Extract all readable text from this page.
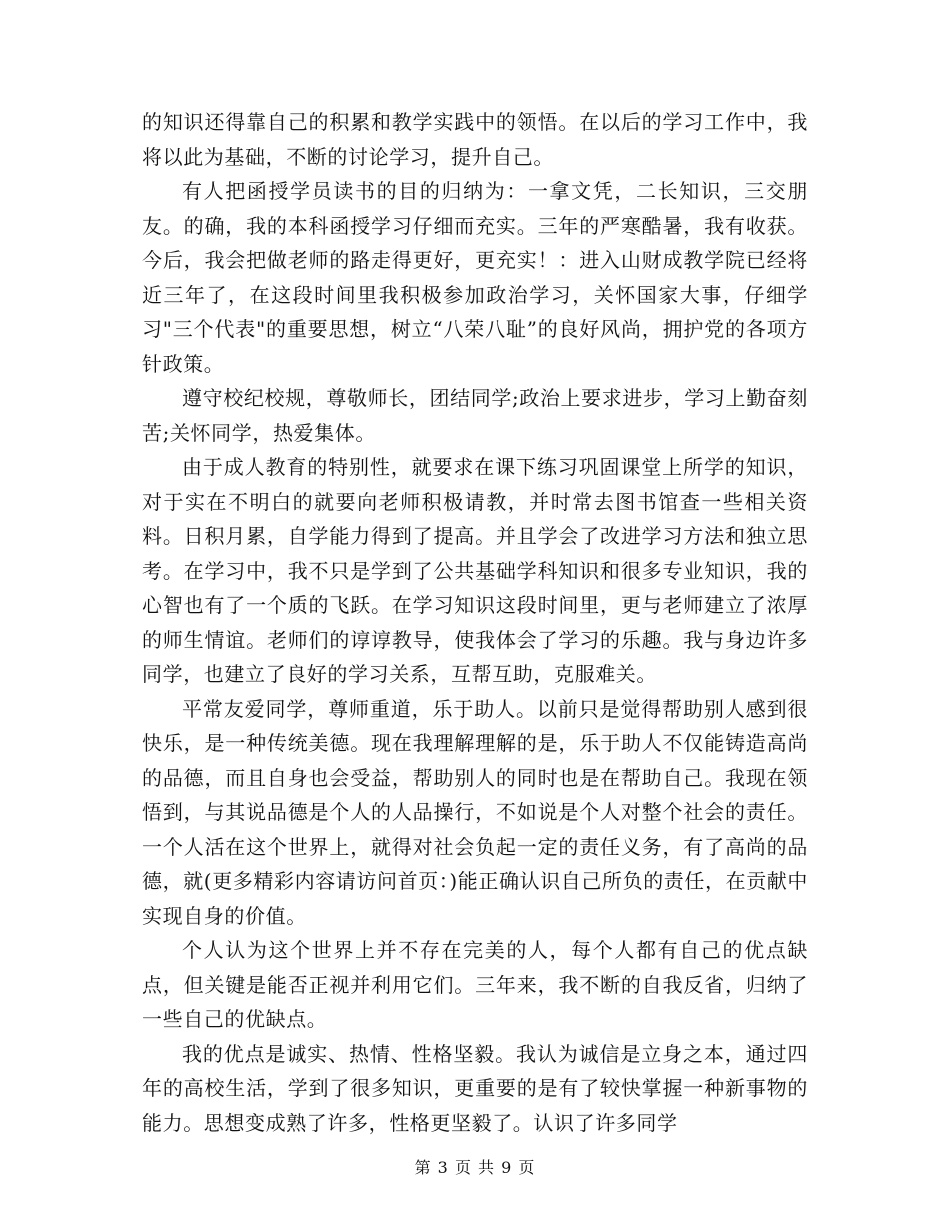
的知识还得靠自己的积累和教学实践中的领悟。在以后的学习工作中，我将以此为基础，不断的讨论学习，提升自己。

有人把函授学员读书的目的归纳为：一拿文凭，二长知识，三交朋友。的确，我的本科函授学习仔细而充实。三年的严寒酷暑，我有收获。今后，我会把做老师的路走得更好，更充实！：进入山财成教学院已经将近三年了，在这段时间里我积极参加政治学习，关怀国家大事，仔细学习"三个代表"的重要思想，树立“八荣八耻”的良好风尚，拥护党的各项方针政策。

遵守校纪校规，尊敬师长，团结同学;政治上要求进步，学习上勤奋刻苦;关怀同学，热爱集体。

由于成人教育的特别性，就要求在课下练习巩固课堂上所学的知识，对于实在不明白的就要向老师积极请教，并时常去图书馆查一些相关资料。日积月累，自学能力得到了提高。并且学会了改进学习方法和独立思考。在学习中，我不只是学到了公共基础学科知识和很多专业知识，我的心智也有了一个质的飞跃。在学习知识这段时间里，更与老师建立了浓厚的师生情谊。老师们的谆谆教导，使我体会了学习的乐趣。我与身边许多同学，也建立了良好的学习关系，互帮互助，克服难关。

平常友爱同学，尊师重道，乐于助人。以前只是觉得帮助别人感到很快乐，是一种传统美德。现在我理解理解的是，乐于助人不仅能铸造高尚的品德，而且自身也会受益，帮助别人的同时也是在帮助自己。我现在领悟到，与其说品德是个人的人品操行，不如说是个人对整个社会的责任。一个人活在这个世界上，就得对社会负起一定的责任义务，有了高尚的品德，就(更多精彩内容请访问首页：)能正确认识自己所负的责任，在贡献中实现自身的价值。

个人认为这个世界上并不存在完美的人，每个人都有自己的优点缺点，但关键是能否正视并利用它们。三年来，我不断的自我反省，归纳了一些自己的优缺点。

我的优点是诚实、热情、性格坚毅。我认为诚信是立身之本，通过四年的高校生活，学到了很多知识，更重要的是有了较快掌握一种新事物的能力。思想变成熟了许多，性格更坚毅了。认识了许多同学

第 3 页 共 9 页
